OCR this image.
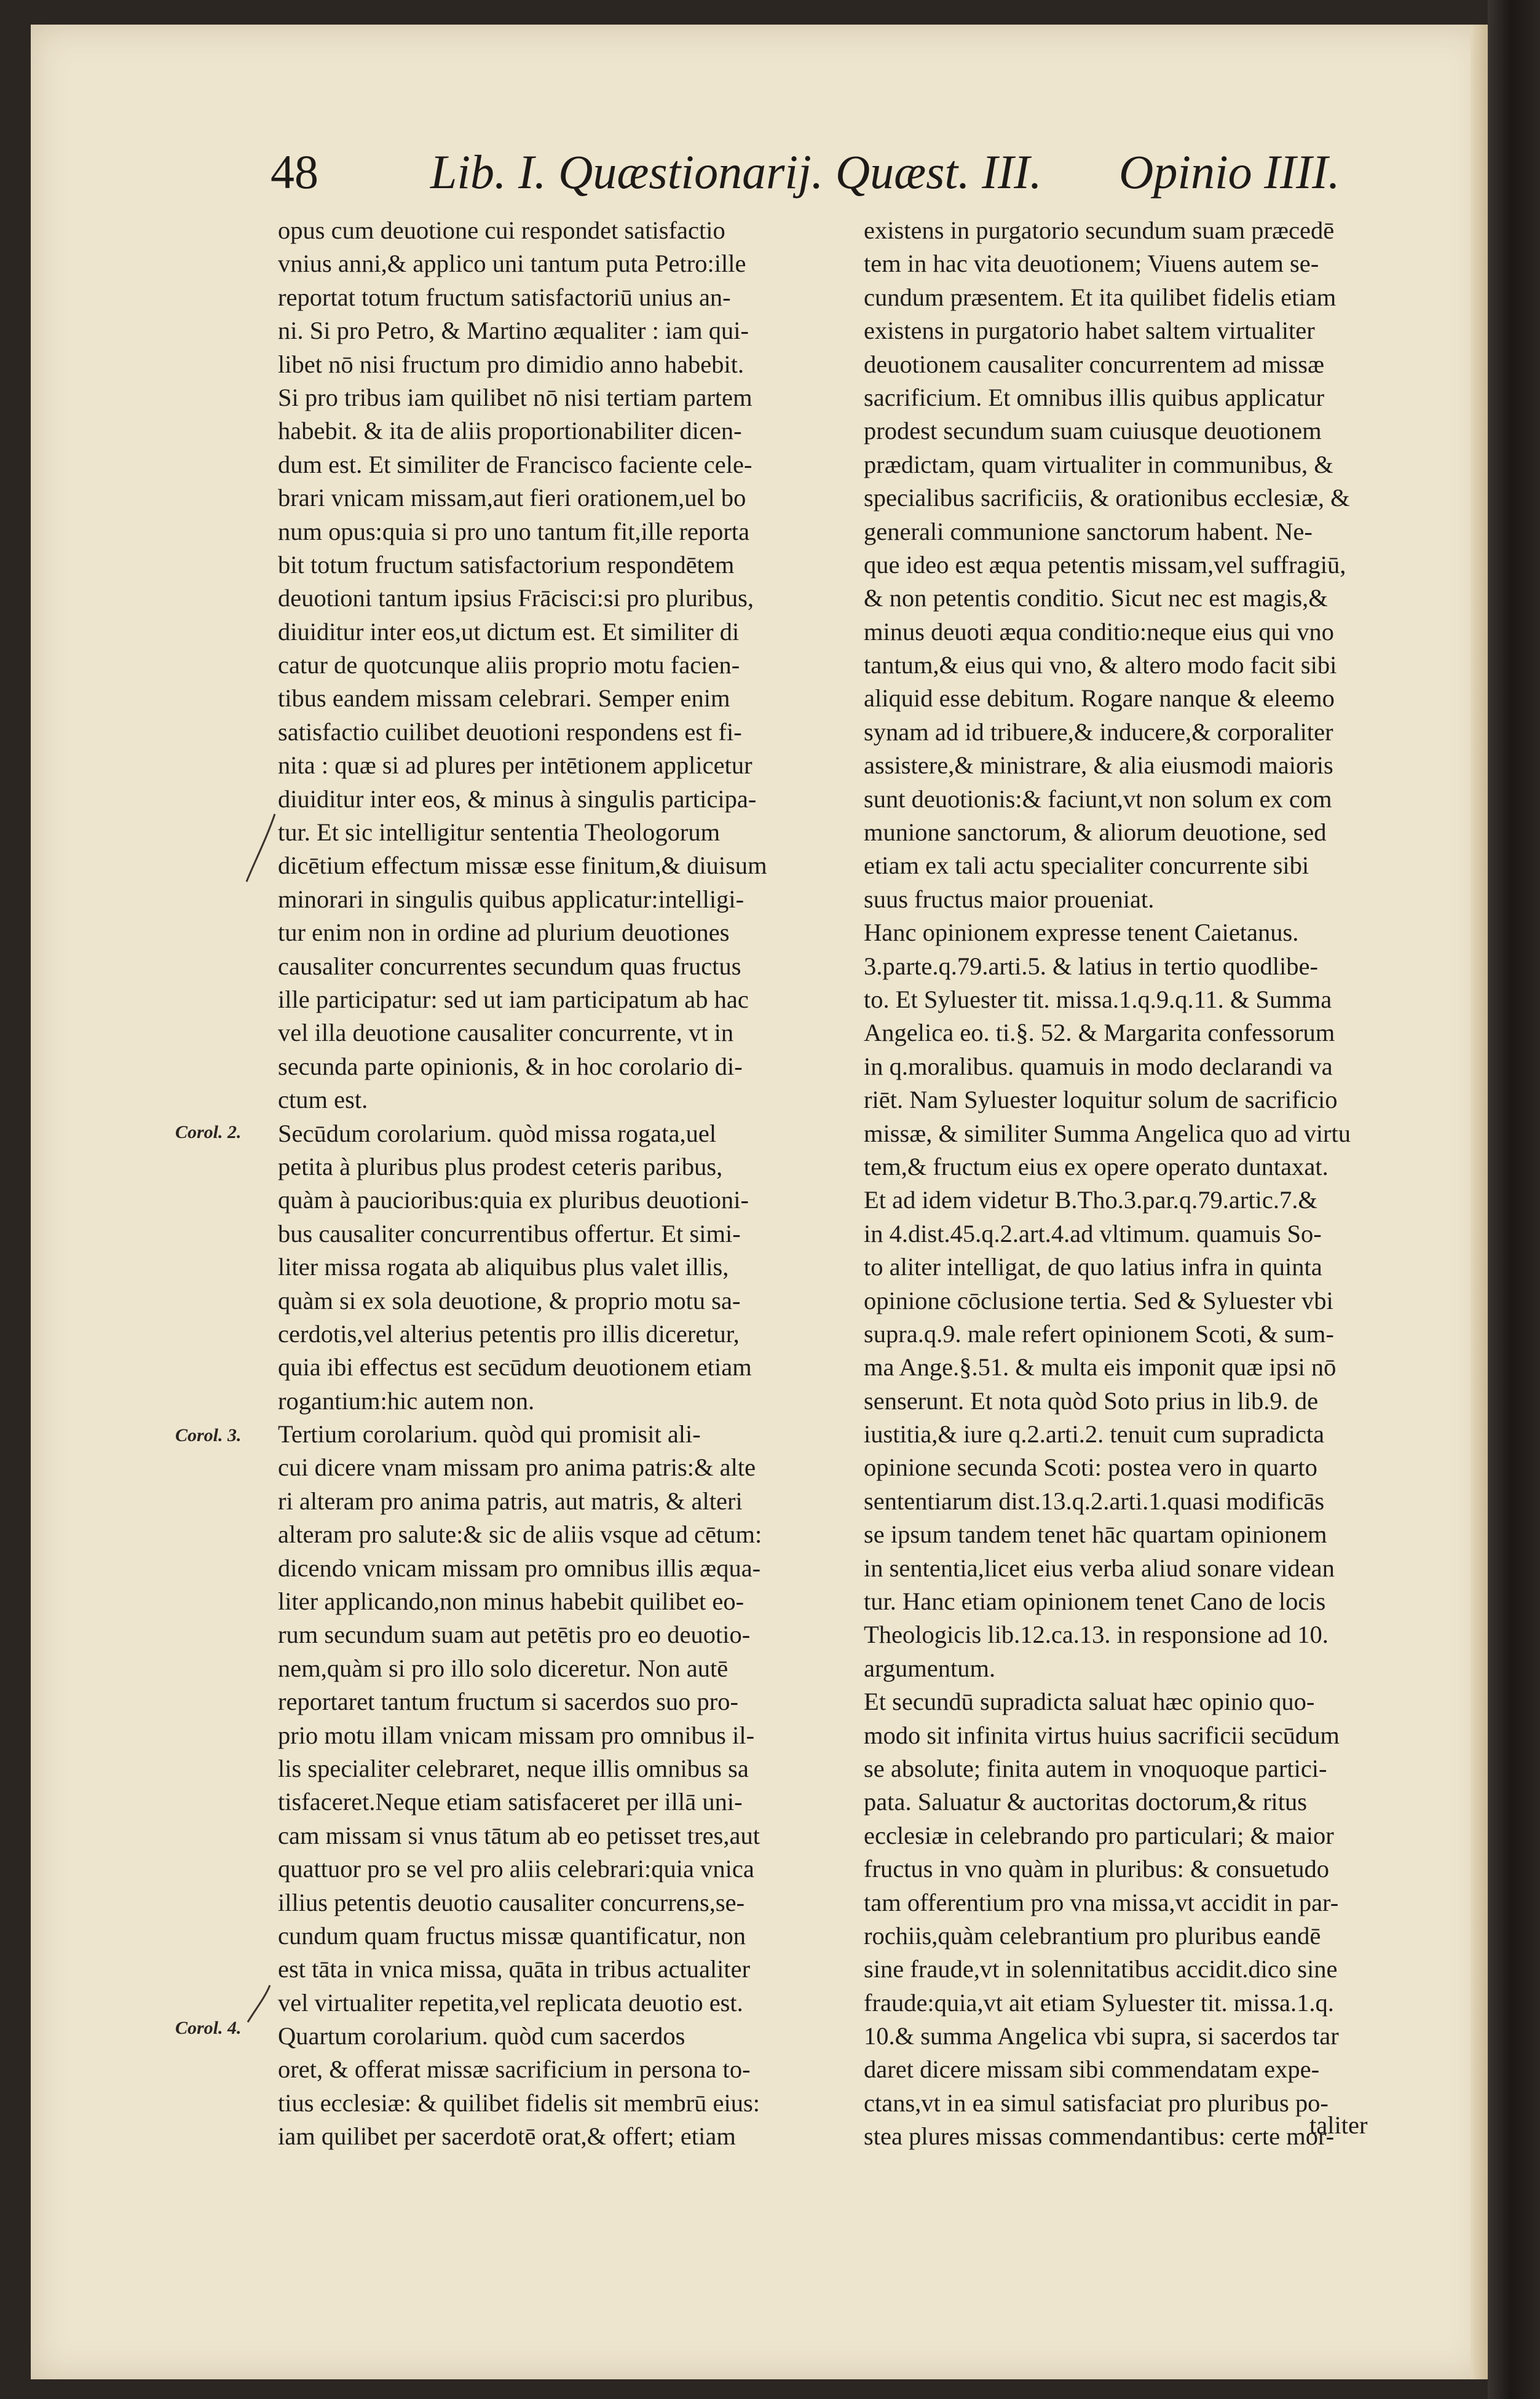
48 Lib. I. Quæstionarij. Quæst. III. Opinio IIII.
opus cum deuotione cui respondet satisfactio
vnius anni,& applico uni tantum puta Petro:ille
reportat totum fructum satisfactoriū unius an-
ni. Si pro Petro, & Martino æqualiter : iam qui-
libet nō nisi fructum pro dimidio anno habebit.
Si pro tribus iam quilibet nō nisi tertiam partem
habebit. & ita de aliis proportionabiliter dicen-
dum est. Et similiter de Francisco faciente cele-
brari vnicam missam,aut fieri orationem,uel bo
num opus:quia si pro uno tantum fit,ille reporta
bit totum fructum satisfactorium respondētem
deuotioni tantum ipsius Frācisci:si pro pluribus,
diuiditur inter eos,ut dictum est. Et similiter di
catur de quotcunque aliis proprio motu facien-
tibus eandem missam celebrari. Semper enim
satisfactio cuilibet deuotioni respondens est fi-
nita : quæ si ad plures per intētionem applicetur
diuiditur inter eos, & minus à singulis participa-
tur. Et sic intelligitur sententia Theologorum
dicētium effectum missæ esse finitum,& diuisum
minorari in singulis quibus applicatur:intelligi-
tur enim non in ordine ad plurium deuotiones
causaliter concurrentes secundum quas fructus
ille participatur: sed ut iam participatum ab hac
vel illa deuotione causaliter concurrente, vt in
secunda parte opinionis, & in hoc corolario di-
ctum est.
Secūdum corolarium. quòd missa rogata,uel
petita à pluribus plus prodest ceteris paribus,
quàm à paucioribus:quia ex pluribus deuotioni-
bus causaliter concurrentibus offertur. Et simi-
liter missa rogata ab aliquibus plus valet illis,
quàm si ex sola deuotione, & proprio motu sa-
cerdotis,vel alterius petentis pro illis diceretur,
quia ibi effectus est secūdum deuotionem etiam
rogantium:hic autem non.
Tertium corolarium. quòd qui promisit ali-
cui dicere vnam missam pro anima patris:& alte
ri alteram pro anima patris, aut matris, & alteri
alteram pro salute:& sic de aliis vsque ad cētum:
dicendo vnicam missam pro omnibus illis æqua-
liter applicando,non minus habebit quilibet eo-
rum secundum suam aut petētis pro eo deuotio-
nem,quàm si pro illo solo diceretur. Non autē
reportaret tantum fructum si sacerdos suo pro-
prio motu illam vnicam missam pro omnibus il-
lis specialiter celebraret, neque illis omnibus sa
tisfaceret.Neque etiam satisfaceret per illā uni-
cam missam si vnus tātum ab eo petisset tres,aut
quattuor pro se vel pro aliis celebrari:quia vnica
illius petentis deuotio causaliter concurrens,se-
cundum quam fructus missæ quantificatur, non
est tāta in vnica missa, quāta in tribus actualiter
vel virtualiter repetita,vel replicata deuotio est.
Quartum corolarium. quòd cum sacerdos
oret, & offerat missæ sacrificium in persona to-
tius ecclesiæ: & quilibet fidelis sit membrū eius:
iam quilibet per sacerdotē orat,& offert; etiam
existens in purgatorio secundum suam præcedē
tem in hac vita deuotionem; Viuens autem se-
cundum præsentem. Et ita quilibet fidelis etiam
existens in purgatorio habet saltem virtualiter
deuotionem causaliter concurrentem ad missæ
sacrificium. Et omnibus illis quibus applicatur
prodest secundum suam cuiusque deuotionem
prædictam, quam virtualiter in communibus, &
specialibus sacrificiis, & orationibus ecclesiæ, &
generali communione sanctorum habent. Ne-
que ideo est æqua petentis missam,vel suffragiū,
& non petentis conditio. Sicut nec est magis,&
minus deuoti æqua conditio:neque eius qui vno
tantum,& eius qui vno, & altero modo facit sibi
aliquid esse debitum. Rogare nanque & eleemo
synam ad id tribuere,& inducere,& corporaliter
assistere,& ministrare, & alia eiusmodi maioris
sunt deuotionis:& faciunt,vt non solum ex com
munione sanctorum, & aliorum deuotione, sed
etiam ex tali actu specialiter concurrente sibi
suus fructus maior proueniat.
Hanc opinionem expresse tenent Caietanus.
3.parte.q.79.arti.5. & latius in tertio quodlibe-
to. Et Syluester tit. missa.1.q.9.q.11. & Summa
Angelica eo. ti.§. 52. & Margarita confessorum
in q.moralibus. quamuis in modo declarandi va
riēt. Nam Syluester loquitur solum de sacrificio
missæ, & similiter Summa Angelica quo ad virtu
tem,& fructum eius ex opere operato duntaxat.
Et ad idem videtur B.Tho.3.par.q.79.artic.7.&
in 4.dist.45.q.2.art.4.ad vltimum. quamuis So-
to aliter intelligat, de quo latius infra in quinta
opinione cōclusione tertia. Sed & Syluester vbi
supra.q.9. male refert opinionem Scoti, & sum-
ma Ange.§.51. & multa eis imponit quæ ipsi nō
senserunt. Et nota quòd Soto prius in lib.9. de
iustitia,& iure q.2.arti.2. tenuit cum supradicta
opinione secunda Scoti: postea vero in quarto
sententiarum dist.13.q.2.arti.1.quasi modificās
se ipsum tandem tenet hāc quartam opinionem
in sententia,licet eius verba aliud sonare videan
tur. Hanc etiam opinionem tenet Cano de locis
Theologicis lib.12.ca.13. in responsione ad 10.
argumentum.
Et secundū supradicta saluat hæc opinio quo-
modo sit infinita virtus huius sacrificii secūdum
se absolute; finita autem in vnoquoque partici-
pata. Saluatur & auctoritas doctorum,& ritus
ecclesiæ in celebrando pro particulari; & maior
fructus in vno quàm in pluribus: & consuetudo
tam offerentium pro vna missa,vt accidit in par-
rochiis,quàm celebrantium pro pluribus eandē
sine fraude,vt in solennitatibus accidit.dico sine
fraude:quia,vt ait etiam Syluester tit. missa.1.q.
10.& summa Angelica vbi supra, si sacerdos tar
daret dicere missam sibi commendatam expe-
ctans,vt in ea simul satisfaciat pro pluribus po-
stea plures missas commendantibus: certe mor-
Corol. 2.
Corol. 3.
Corol. 4.
taliter
